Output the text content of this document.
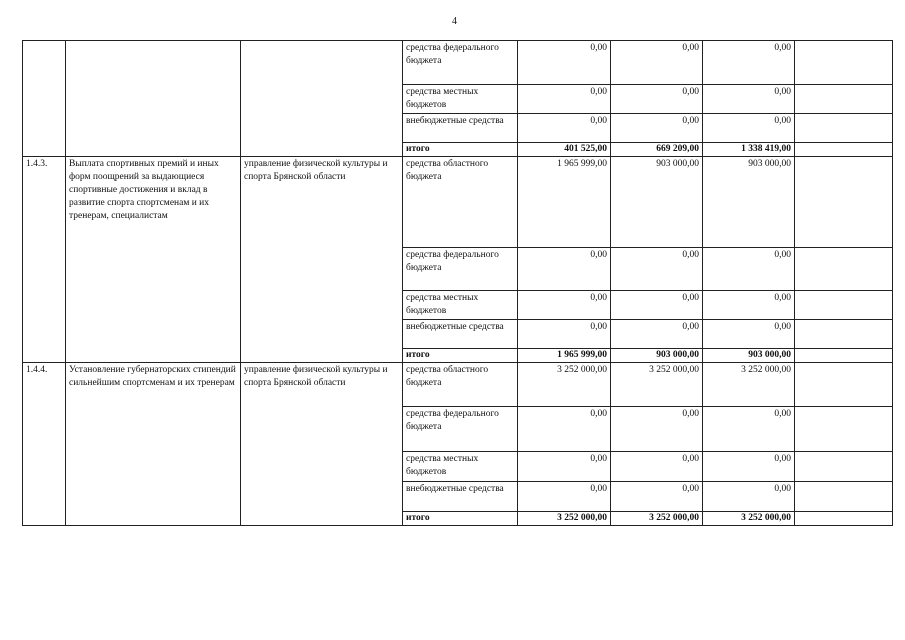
4
			средства федерального бюджета	0,00	0,00	0,00	
			средства местных бюджетов	0,00	0,00	0,00	
			внебюджетные средства	0,00	0,00	0,00	
			итого	401 525,00	669 209,00	1 338 419,00	
1.4.3.	Выплата спортивных премий и иных форм поощрений за выдающиеся спортивные достижения и вклад в развитие спорта спортсменам и их тренерам, специалистам	управление физической культуры и спорта Брянской области	средства областного бюджета	1 965 999,00	903 000,00	903 000,00	
			средства федерального бюджета	0,00	0,00	0,00	
			средства местных бюджетов	0,00	0,00	0,00	
			внебюджетные средства	0,00	0,00	0,00	
			итого	1 965 999,00	903 000,00	903 000,00	
1.4.4.	Установление губернаторских стипендий сильнейшим спортсменам и их тренерам	управление физической культуры и спорта Брянской области	средства областного бюджета	3 252 000,00	3 252 000,00	3 252 000,00	
			средства федерального бюджета	0,00	0,00	0,00	
			средства местных бюджетов	0,00	0,00	0,00	
			внебюджетные средства	0,00	0,00	0,00	
			итого	3 252 000,00	3 252 000,00	3 252 000,00	
